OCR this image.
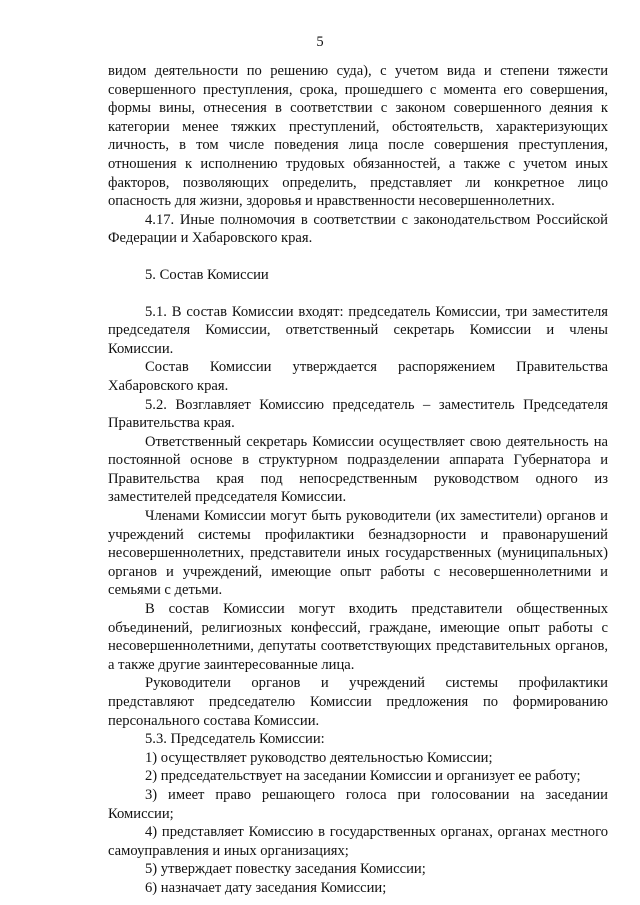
5

видом деятельности по решению суда), с учетом вида и степени тяжести совершенного преступления, срока, прошедшего с момента его совершения, формы вины, отнесения в соответствии с законом совершенного деяния к категории менее тяжких преступлений, обстоятельств, характеризующих личность, в том числе поведения лица после совершения преступления, отношения к исполнению трудовых обязанностей, а также с учетом иных факторов, позволяющих определить, представляет ли конкретное лицо опасность для жизни, здоровья и нравственности несовершеннолетних.

4.17. Иные полномочия в соответствии с законодательством Российской Федерации и Хабаровского края.

5. Состав Комиссии

5.1. В состав Комиссии входят: председатель Комиссии, три заместителя председателя Комиссии, ответственный секретарь Комиссии и члены Комиссии.

Состав Комиссии утверждается распоряжением Правительства Хабаровского края.

5.2. Возглавляет Комиссию председатель – заместитель Председателя Правительства края.

Ответственный секретарь Комиссии осуществляет свою деятельность на постоянной основе в структурном подразделении аппарата Губернатора и Правительства края под непосредственным руководством одного из заместителей председателя Комиссии.

Членами Комиссии могут быть руководители (их заместители) органов и учреждений системы профилактики безнадзорности и правонарушений несовершеннолетних, представители иных государственных (муниципальных) органов и учреждений, имеющие опыт работы с несовершеннолетними и семьями с детьми.

В состав Комиссии могут входить представители общественных объединений, религиозных конфессий, граждане, имеющие опыт работы с несовершеннолетними, депутаты соответствующих представительных органов, а также другие заинтересованные лица.

Руководители органов и учреждений системы профилактики представляют председателю Комиссии предложения по формированию персонального состава Комиссии.

5.3. Председатель Комиссии:

1) осуществляет руководство деятельностью Комиссии;

2) председательствует на заседании Комиссии и организует ее работу;

3) имеет право решающего голоса при голосовании на заседании Комиссии;

4) представляет Комиссию в государственных органах, органах местного самоуправления и иных организациях;

5) утверждает повестку заседания Комиссии;

6) назначает дату заседания Комиссии;
